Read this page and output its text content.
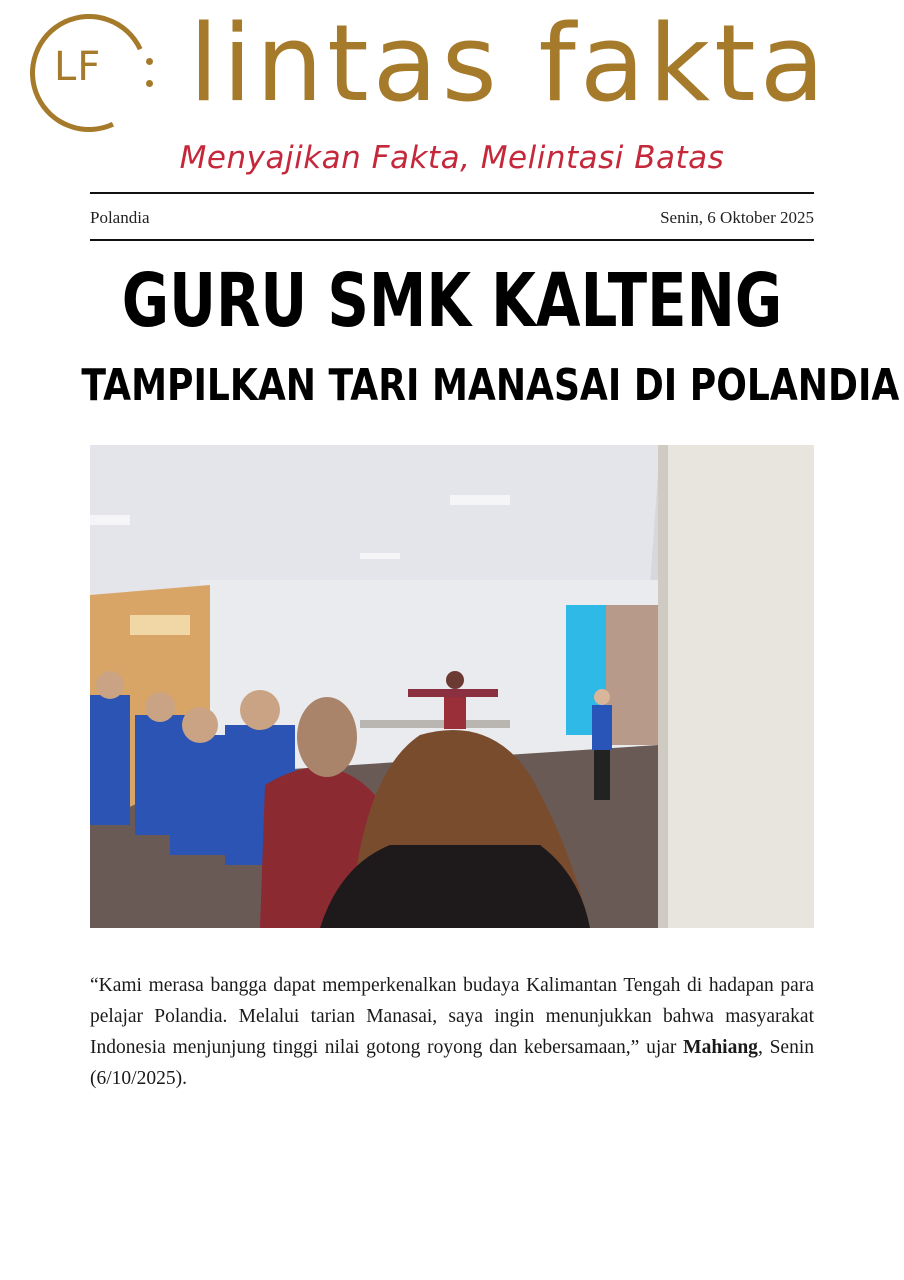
LF lintas fakta
Menyajikan Fakta, Melintasi Batas
Polandia	Senin, 6 Oktober 2025
GURU SMK KALTENG
TAMPILKAN TARI MANASAI DI POLANDIA

“Kami merasa bangga dapat memperkenalkan budaya Kalimantan Tengah di hadapan para pelajar Polandia. Melalui tarian Manasai, saya ingin menunjukkan bahwa masyarakat Indonesia menjunjung tinggi nilai gotong royong dan kebersamaan,” ujar Mahiang, Senin (6/10/2025).
